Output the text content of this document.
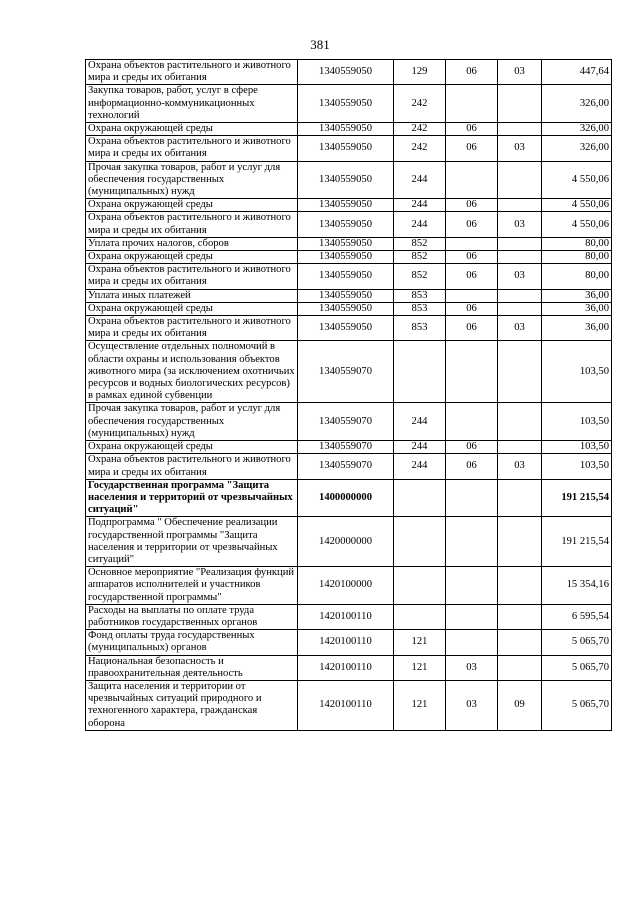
381
Охрана объектов растительного и животного мира и среды их обитания	1340559050	129	06	03	447,64
Закупка товаров, работ, услуг в сфере информационно-коммуникационных технологий	1340559050	242			326,00
Охрана окружающей среды	1340559050	242	06		326,00
Охрана объектов растительного и животного мира и среды их обитания	1340559050	242	06	03	326,00
Прочая закупка товаров, работ и услуг для обеспечения государственных (муниципальных) нужд	1340559050	244			4 550,06
Охрана окружающей среды	1340559050	244	06		4 550,06
Охрана объектов растительного и животного мира и среды их обитания	1340559050	244	06	03	4 550,06
Уплата прочих налогов, сборов	1340559050	852			80,00
Охрана окружающей среды	1340559050	852	06		80,00
Охрана объектов растительного и животного мира и среды их обитания	1340559050	852	06	03	80,00
Уплата иных платежей	1340559050	853			36,00
Охрана окружающей среды	1340559050	853	06		36,00
Охрана объектов растительного и животного мира и среды их обитания	1340559050	853	06	03	36,00
Осуществление отдельных полномочий в области охраны и использования объектов животного мира (за исключением охотничьих ресурсов и водных биологических ресурсов) в рамках единой субвенции	1340559070				103,50
Прочая закупка товаров, работ и услуг для обеспечения государственных (муниципальных) нужд	1340559070	244			103,50
Охрана окружающей среды	1340559070	244	06		103,50
Охрана объектов растительного и животного мира и среды их обитания	1340559070	244	06	03	103,50
Государственная программа "Защита населения и территорий от чрезвычайных ситуаций"	1400000000				191 215,54
Подпрограмма " Обеспечение реализации государственной программы "Защита населения и территории от чрезвычайных ситуаций"	1420000000				191 215,54
Основное мероприятие "Реализация функций аппаратов исполнителей и участников государственной программы"	1420100000				15 354,16
Расходы на выплаты по оплате труда работников государственных органов	1420100110				6 595,54
Фонд оплаты труда государственных (муниципальных) органов	1420100110	121			5 065,70
Национальная безопасность и правоохранительная деятельность	1420100110	121	03		5 065,70
Защита населения и территории от чрезвычайных ситуаций природного и техногенного характера, гражданская оборона	1420100110	121	03	09	5 065,70
